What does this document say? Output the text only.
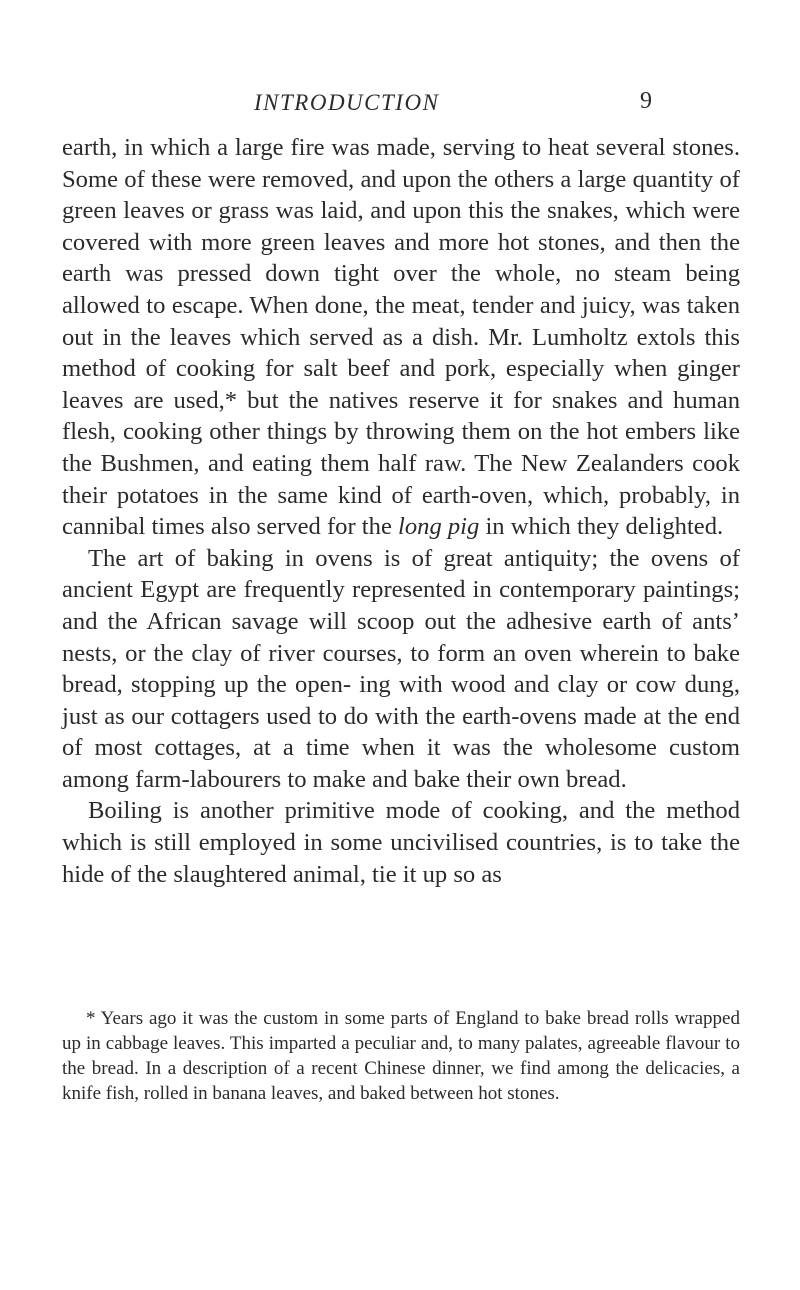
INTRODUCTION	9

earth, in which a large fire was made, serving to heat several stones. Some of these were removed, and upon the others a large quantity of green leaves or grass was laid, and upon this the snakes, which were covered with more green leaves and more hot stones, and then the earth was pressed down tight over the whole, no steam being allowed to escape. When done, the meat, tender and juicy, was taken out in the leaves which served as a dish. Mr. Lumholtz extols this method of cooking for salt beef and pork, especially when ginger leaves are used,* but the natives reserve it for snakes and human flesh, cooking other things by throwing them on the hot embers like the Bushmen, and eating them half raw. The New Zealanders cook their potatoes in the same kind of earth-oven, which, probably, in cannibal times also served for the long pig in which they delighted.

The art of baking in ovens is of great antiquity; the ovens of ancient Egypt are frequently represented in contemporary paintings; and the African savage will scoop out the adhesive earth of ants’ nests, or the clay of river courses, to form an oven wherein to bake bread, stopping up the open- ing with wood and clay or cow dung, just as our cottagers used to do with the earth-ovens made at the end of most cottages, at a time when it was the wholesome custom among farm-labourers to make and bake their own bread.

Boiling is another primitive mode of cooking, and the method which is still employed in some uncivilised countries, is to take the hide of the slaughtered animal, tie it up so as

* Years ago it was the custom in some parts of England to bake bread rolls wrapped up in cabbage leaves. This imparted a peculiar and, to many palates, agreeable flavour to the bread. In a description of a recent Chinese dinner, we find among the delicacies, a knife fish, rolled in banana leaves, and baked between hot stones.
